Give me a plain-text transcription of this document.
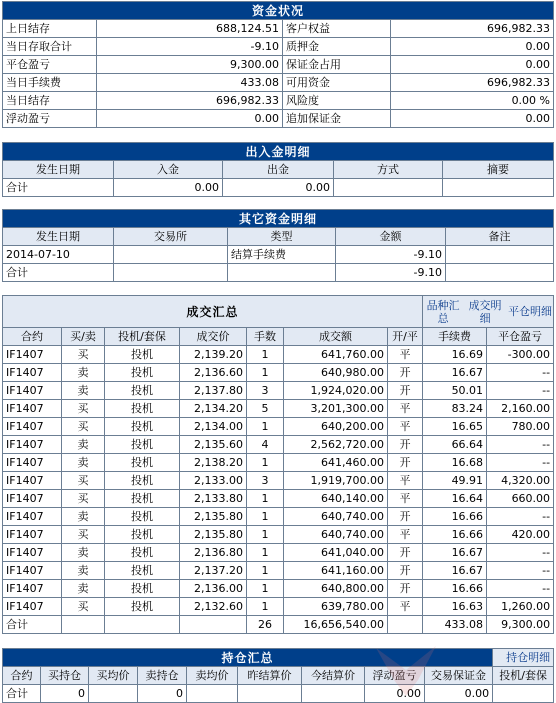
资金状况			
上日结存	688,124.51	客户权益	696,982.33
当日存取合计	-9.10	质押金	0.00
平仓盈亏	9,300.00	保证金占用	0.00
当日手续费	433.08	可用资金	696,982.33
当日结存	696,982.33	风险度	0.00 %
浮动盈亏	0.00	追加保证金	0.00
出入金明细				
发生日期	入金	出金	方式	摘要
合计	0.00	0.00		
其它资金明细				
发生日期	交易所	类型	金额	备注
2014-07-10		结算手续费	-9.10	
合计			-9.10	
成交汇总							品种汇总
成交明细 平仓明细	

合约	买/卖	投机/套保	成交价	手数	成交额	开/平	手续费	平仓盈亏
IF1407	买	投机	2,139.20	1	641,760.00	平	16.69	-300.00
IF1407	卖	投机	2,136.60	1	640,980.00	开	16.67	--
IF1407	卖	投机	2,137.80	3	1,924,020.00	开	50.01	--
IF1407	买	投机	2,134.20	5	3,201,300.00	平	83.24	2,160.00
IF1407	买	投机	2,134.00	1	640,200.00	平	16.65	780.00
IF1407	卖	投机	2,135.60	4	2,562,720.00	开	66.64	--
IF1407	卖	投机	2,138.20	1	641,460.00	开	16.68	--
IF1407	买	投机	2,133.00	3	1,919,700.00	平	49.91	4,320.00
IF1407	买	投机	2,133.80	1	640,140.00	平	16.64	660.00
IF1407	卖	投机	2,135.80	1	640,740.00	开	16.66	--
IF1407	买	投机	2,135.80	1	640,740.00	平	16.66	420.00
IF1407	卖	投机	2,136.80	1	641,040.00	开	16.67	--
IF1407	卖	投机	2,137.20	1	641,160.00	开	16.67	--
IF1407	卖	投机	2,136.00	1	640,800.00	开	16.66	--
IF1407	买	投机	2,132.60	1	639,780.00	平	16.63	1,260.00
合计				26	16,656,540.00		433.08	9,300.00
持仓汇总									持仓明细
合约	买持仓	买均价	卖持仓	卖均价	昨结算价	今结算价	浮动盈亏	交易保证金	投机/套保
合计	0		0				0.00	0.00	
